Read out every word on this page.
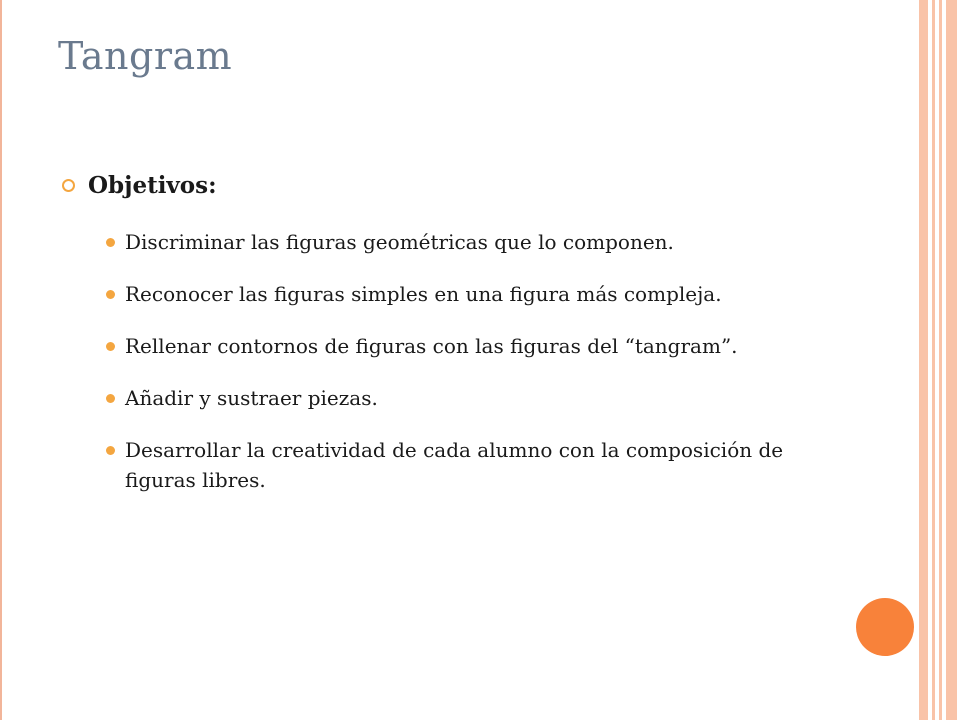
Tangram
Objetivos:
Discriminar las figuras geométricas que lo componen.
Reconocer las figuras simples en una figura más compleja.
Rellenar contornos de figuras con las figuras del “tangram”.
Añadir y sustraer piezas.
Desarrollar la creatividad de cada alumno con la composición de figuras libres.
